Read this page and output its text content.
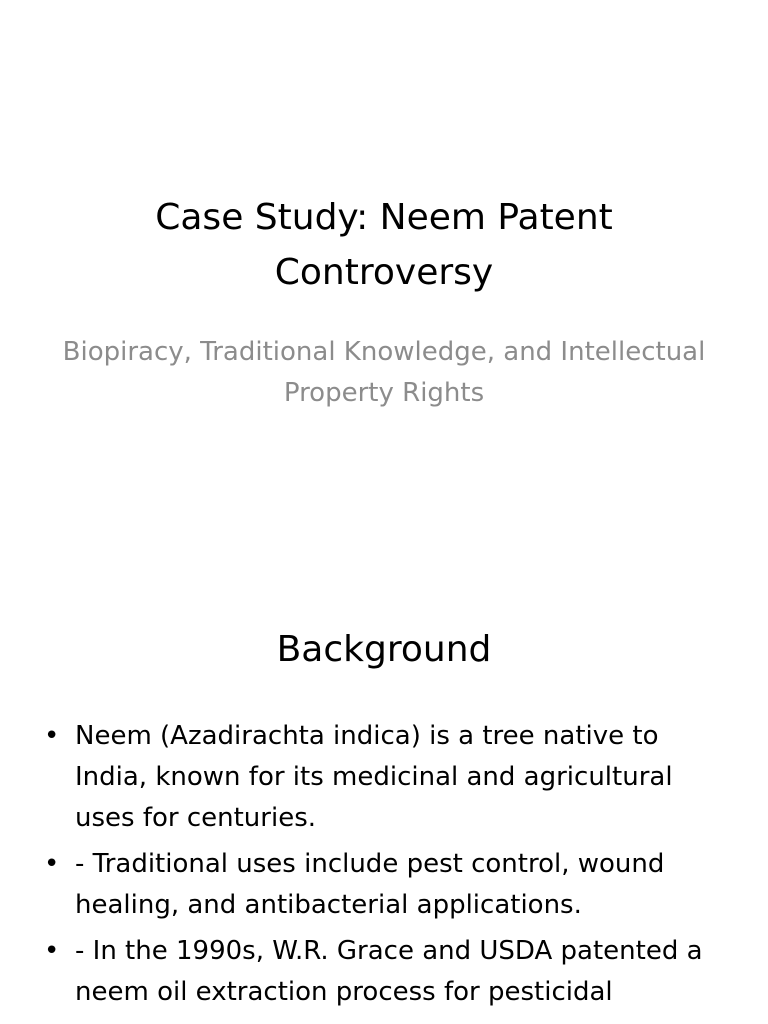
Case Study: Neem Patent Controversy
Biopiracy, Traditional Knowledge, and Intellectual Property Rights
Background
• Neem (Azadirachta indica) is a tree native to India, known for its medicinal and agricultural uses for centuries.
• - Traditional uses include pest control, wound healing, and antibacterial applications.
• - In the 1990s, W.R. Grace and USDA patented a neem oil extraction process for pesticidal
